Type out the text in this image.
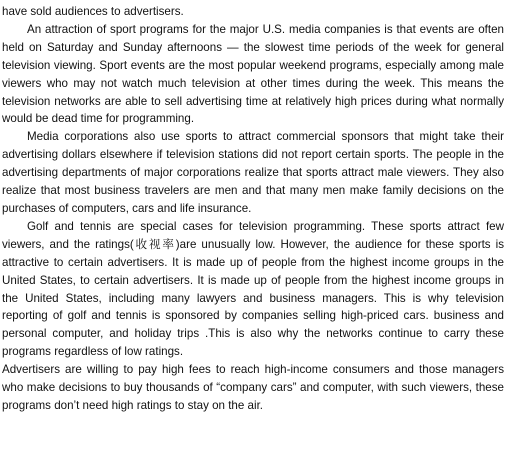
have sold audiences to advertisers.

An attraction of sport programs for the major U.S. media companies is that events are often held on Saturday and Sunday afternoons — the slowest time periods of the week for general television viewing. Sport events are the most popular weekend programs, especially among male viewers who may not watch much television at other times during the week. This means the television networks are able to sell advertising time at relatively high prices during what normally would be dead time for programming.

Media corporations also use sports to attract commercial sponsors that might take their advertising dollars elsewhere if television stations did not report certain sports. The people in the advertising departments of major corporations realize that sports attract male viewers. They also realize that most business travelers are men and that many men make family decisions on the purchases of computers, cars and life insurance.

Golf and tennis are special cases for television programming. These sports attract few viewers, and the ratings(收视率)are unusually low. However, the audience for these sports is attractive to certain advertisers. It is made up of people from the highest income groups in the United States, to certain advertisers. It is made up of people from the highest income groups in the United States, including many lawyers and business managers. This is why television reporting of golf and tennis is sponsored by companies selling high-priced cars. business and personal computer, and holiday trips .This is also why the networks continue to carry these programs regardless of low ratings.

Advertisers are willing to pay high fees to reach high-income consumers and those managers who make decisions to buy thousands of “company cars” and computer, with such viewers, these programs don’t need high ratings to stay on the air.
